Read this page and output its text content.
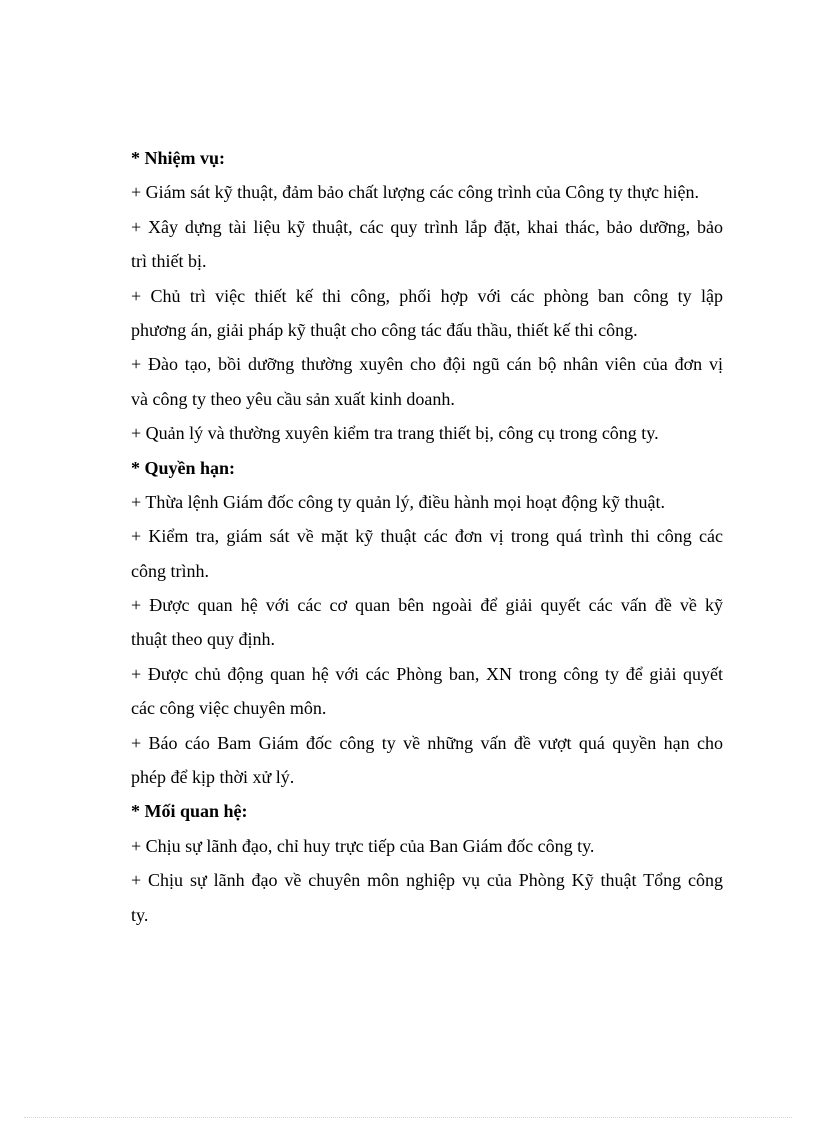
* Nhiệm vụ:
+ Giám sát kỹ thuật, đảm bảo chất lượng các công trình của Công ty thực hiện.
+ Xây dựng tài liệu kỹ thuật, các quy trình lắp đặt, khai thác, bảo dưỡng, bảo
trì thiết bị.
+ Chủ trì việc thiết kế thi công, phối hợp với các phòng ban công ty lập
phương án, giải pháp kỹ thuật cho công tác đấu thầu, thiết kế thi công.
+ Đào tạo, bồi dưỡng thường xuyên cho đội ngũ cán bộ nhân viên của đơn vị
và công ty theo yêu cầu sản xuất kinh doanh.
+ Quản lý và thường xuyên kiểm tra trang thiết bị, công cụ trong công ty.
* Quyền hạn:
+ Thừa lệnh Giám đốc công ty quản lý, điều hành mọi hoạt động kỹ thuật.
+ Kiểm tra, giám sát về mặt kỹ thuật các đơn vị trong quá trình thi công các
công trình.
+ Được quan hệ với các cơ quan bên ngoài để giải quyết các vấn đề về kỹ
thuật theo quy định.
+ Được chủ động quan hệ với các Phòng ban, XN trong công ty để giải quyết
các công việc chuyên môn.
+ Báo cáo Bam Giám đốc công ty về những vấn đề vượt quá quyền hạn cho
phép để kịp thời xử lý.
* Mối quan hệ:
+ Chịu sự lãnh đạo, chỉ huy trực tiếp của Ban Giám đốc công ty.
+ Chịu sự lãnh đạo về chuyên môn nghiệp vụ của Phòng Kỹ thuật Tổng công
ty.
